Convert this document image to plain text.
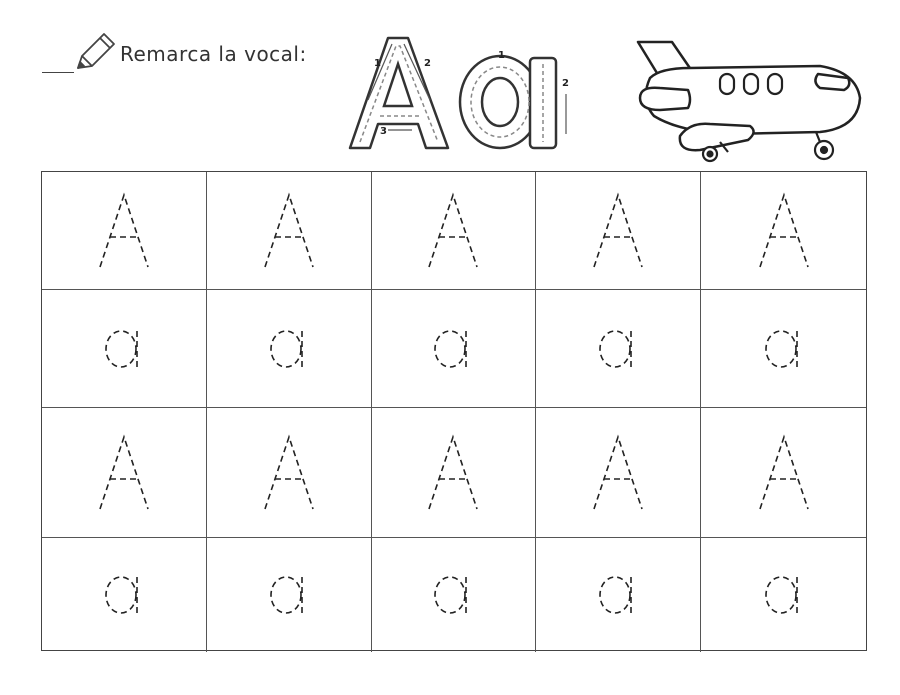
Remarca la vocal:	1	2
3
1
2
